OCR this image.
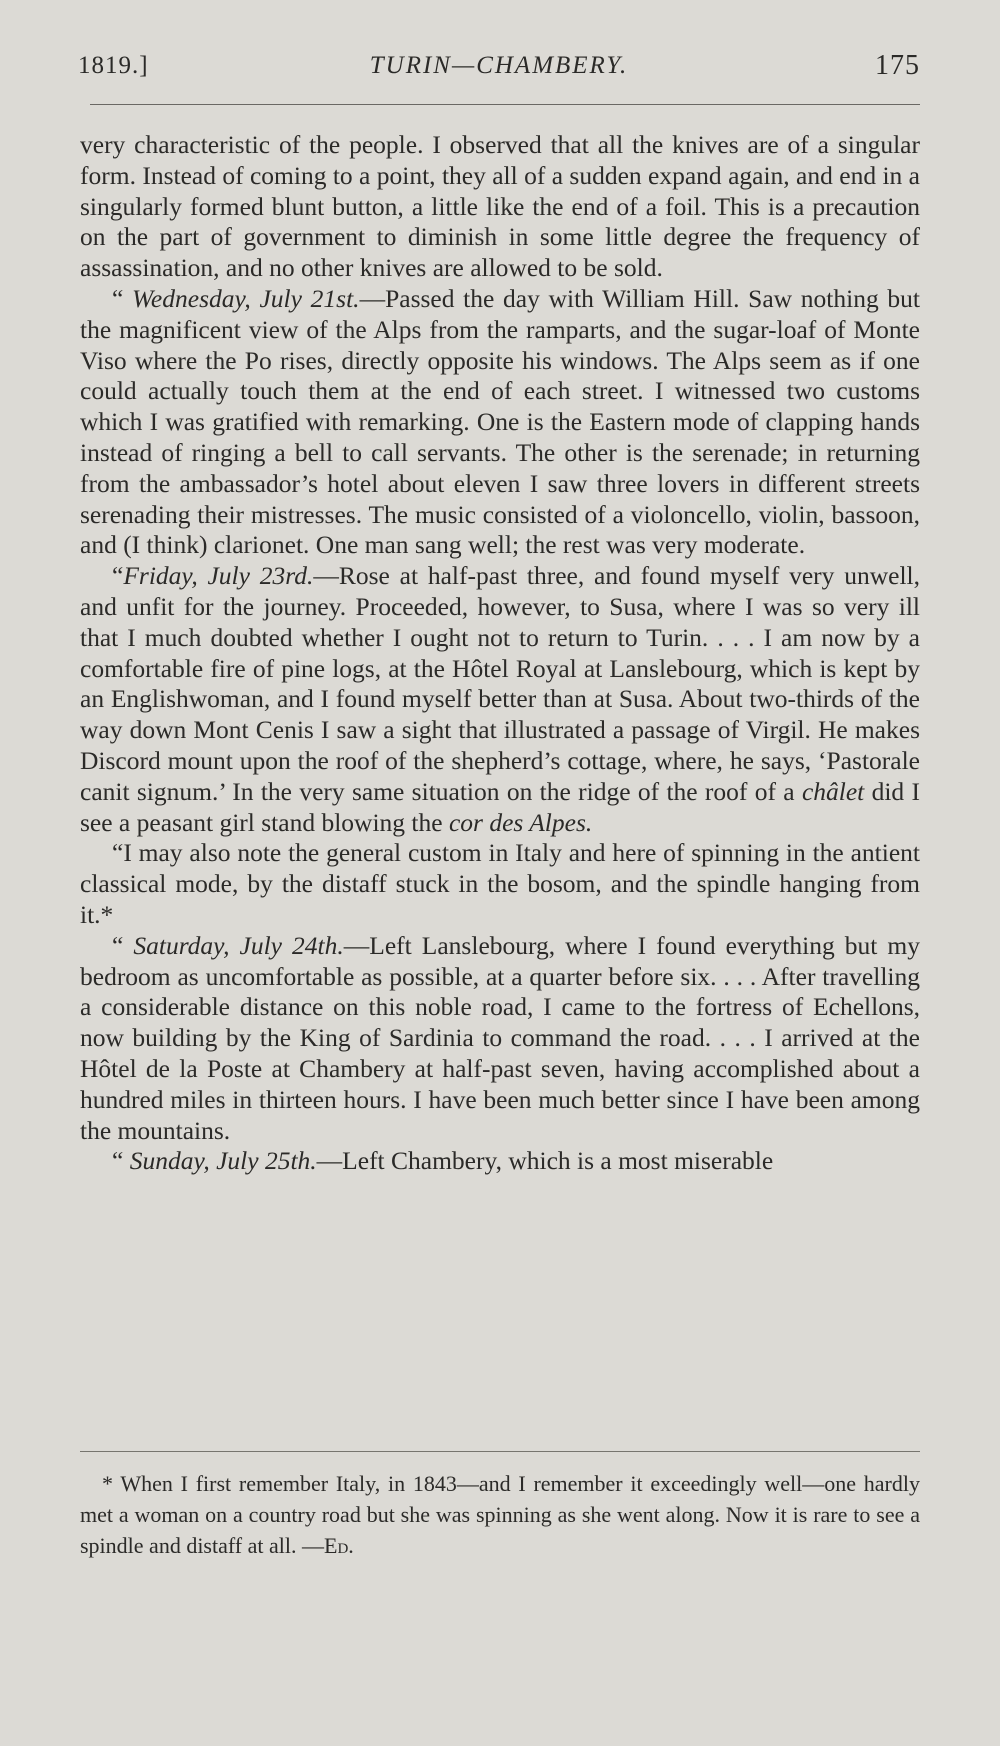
1819.]	TURIN—CHAMBERY.	175

very characteristic of the people. I observed that all the knives are of a singular form. Instead of coming to a point, they all of a sudden expand again, and end in a singularly formed blunt button, a little like the end of a foil. This is a precaution on the part of government to diminish in some little degree the frequency of assassination, and no other knives are allowed to be sold.

“ Wednesday, July 21st.—Passed the day with William Hill. Saw nothing but the magnificent view of the Alps from the ramparts, and the sugar-loaf of Monte Viso where the Po rises, directly opposite his windows. The Alps seem as if one could actually touch them at the end of each street. I witnessed two customs which I was gratified with remarking. One is the Eastern mode of clapping hands instead of ringing a bell to call servants. The other is the serenade; in returning from the ambassador’s hotel about eleven I saw three lovers in different streets serenading their mistresses. The music consisted of a violoncello, violin, bassoon, and (I think) clarionet. One man sang well; the rest was very moderate.

“Friday, July 23rd.—Rose at half-past three, and found myself very unwell, and unfit for the journey. Proceeded, however, to Susa, where I was so very ill that I much doubted whether I ought not to return to Turin. . . . I am now by a comfortable fire of pine logs, at the Hôtel Royal at Lanslebourg, which is kept by an Englishwoman, and I found myself better than at Susa. About two-thirds of the way down Mont Cenis I saw a sight that illustrated a passage of Virgil. He makes Discord mount upon the roof of the shepherd’s cottage, where, he says, ‘Pastorale canit signum.’ In the very same situation on the ridge of the roof of a châlet did I see a peasant girl stand blowing the cor des Alpes.

“I may also note the general custom in Italy and here of spinning in the antient classical mode, by the distaff stuck in the bosom, and the spindle hanging from it.*

“ Saturday, July 24th.—Left Lanslebourg, where I found everything but my bedroom as uncomfortable as possible, at a quarter before six. . . . After travelling a considerable distance on this noble road, I came to the fortress of Echellons, now building by the King of Sardinia to command the road. . . . I arrived at the Hôtel de la Poste at Chambery at half-past seven, having accomplished about a hundred miles in thirteen hours. I have been much better since I have been among the mountains.

“ Sunday, July 25th.—Left Chambery, which is a most miserable

* When I first remember Italy, in 1843—and I remember it exceedingly well—one hardly met a woman on a country road but she was spinning as she went along. Now it is rare to see a spindle and distaff at all. —Ed.
